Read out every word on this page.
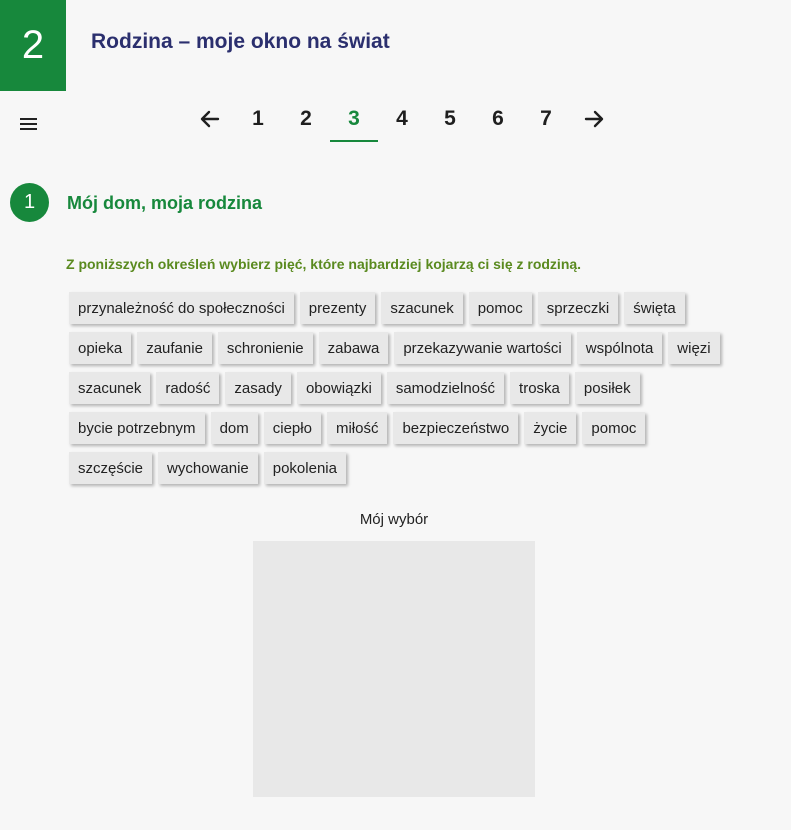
2 Rodzina – moje okno na świat
1	2	3	4	5	6	7
1 Mój dom, moja rodzina
Z poniższych określeń wybierz pięć, które najbardziej kojarzą ci się z rodziną.
przynależność do społeczności	prezenty	szacunek	pomoc	sprzeczki	święta
opieka	zaufanie	schronienie	zabawa	przekazywanie wartości	wspólnota	więzi
szacunek	radość	zasady	obowiązki	samodzielność	troska	posiłek
bycie potrzebnym	dom	ciepło	miłość	bezpieczeństwo	życie	pomoc
szczęście	wychowanie	pokolenia
Mój wybór
